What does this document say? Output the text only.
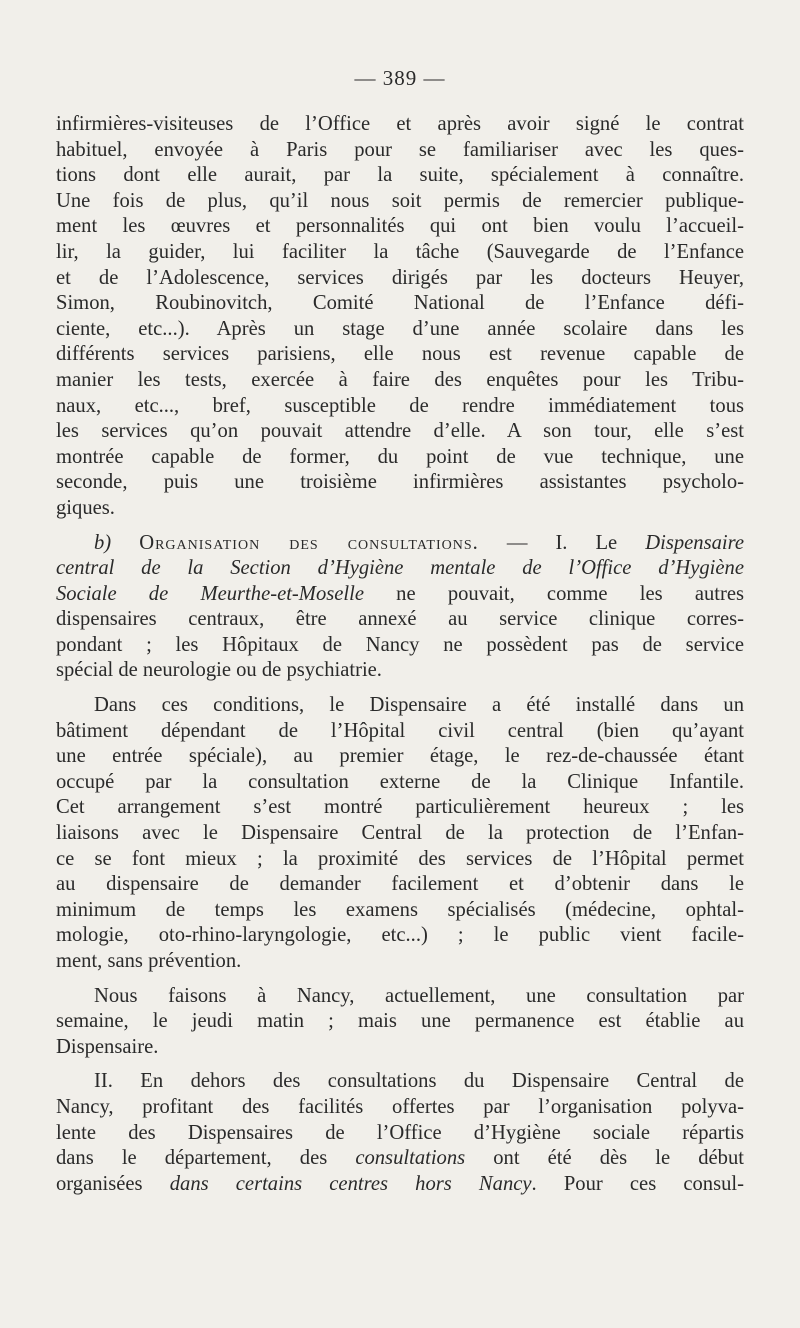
— 389 —
infirmières-visiteuses de l’Office et après avoir signé le contrat
habituel, envoyée à Paris pour se familiariser avec les ques-
tions dont elle aurait, par la suite, spécialement à connaître.
Une fois de plus, qu’il nous soit permis de remercier publique-
ment les œuvres et personnalités qui ont bien voulu l’accueil-
lir, la guider, lui faciliter la tâche (Sauvegarde de l’Enfance
et de l’Adolescence, services dirigés par les docteurs Heuyer,
Simon, Roubinovitch, Comité National de l’Enfance défi-
ciente, etc...). Après un stage d’une année scolaire dans les
différents services parisiens, elle nous est revenue capable de
manier les tests, exercée à faire des enquêtes pour les Tribu-
naux, etc..., bref, susceptible de rendre immédiatement tous
les services qu’on pouvait attendre d’elle. A son tour, elle s’est
montrée capable de former, du point de vue technique, une
seconde, puis une troisième infirmières assistantes psycholo-
giques.
b) Organisation des consultations. — I. Le Dispensaire
central de la Section d’Hygiène mentale de l’Office d’Hygiène
Sociale de Meurthe-et-Moselle ne pouvait, comme les autres
dispensaires centraux, être annexé au service clinique corres-
pondant ; les Hôpitaux de Nancy ne possèdent pas de service
spécial de neurologie ou de psychiatrie.
Dans ces conditions, le Dispensaire a été installé dans un
bâtiment dépendant de l’Hôpital civil central (bien qu’ayant
une entrée spéciale), au premier étage, le rez-de-chaussée étant
occupé par la consultation externe de la Clinique Infantile.
Cet arrangement s’est montré particulièrement heureux ; les
liaisons avec le Dispensaire Central de la protection de l’Enfan-
ce se font mieux ; la proximité des services de l’Hôpital permet
au dispensaire de demander facilement et d’obtenir dans le
minimum de temps les examens spécialisés (médecine, ophtal-
mologie, oto-rhino-laryngologie, etc...) ; le public vient facile-
ment, sans prévention.
Nous faisons à Nancy, actuellement, une consultation par
semaine, le jeudi matin ; mais une permanence est établie au
Dispensaire.
II. En dehors des consultations du Dispensaire Central de
Nancy, profitant des facilités offertes par l’organisation polyva-
lente des Dispensaires de l’Office d’Hygiène sociale répartis
dans le département, des consultations ont été dès le début
organisées dans certains centres hors Nancy. Pour ces consul-
